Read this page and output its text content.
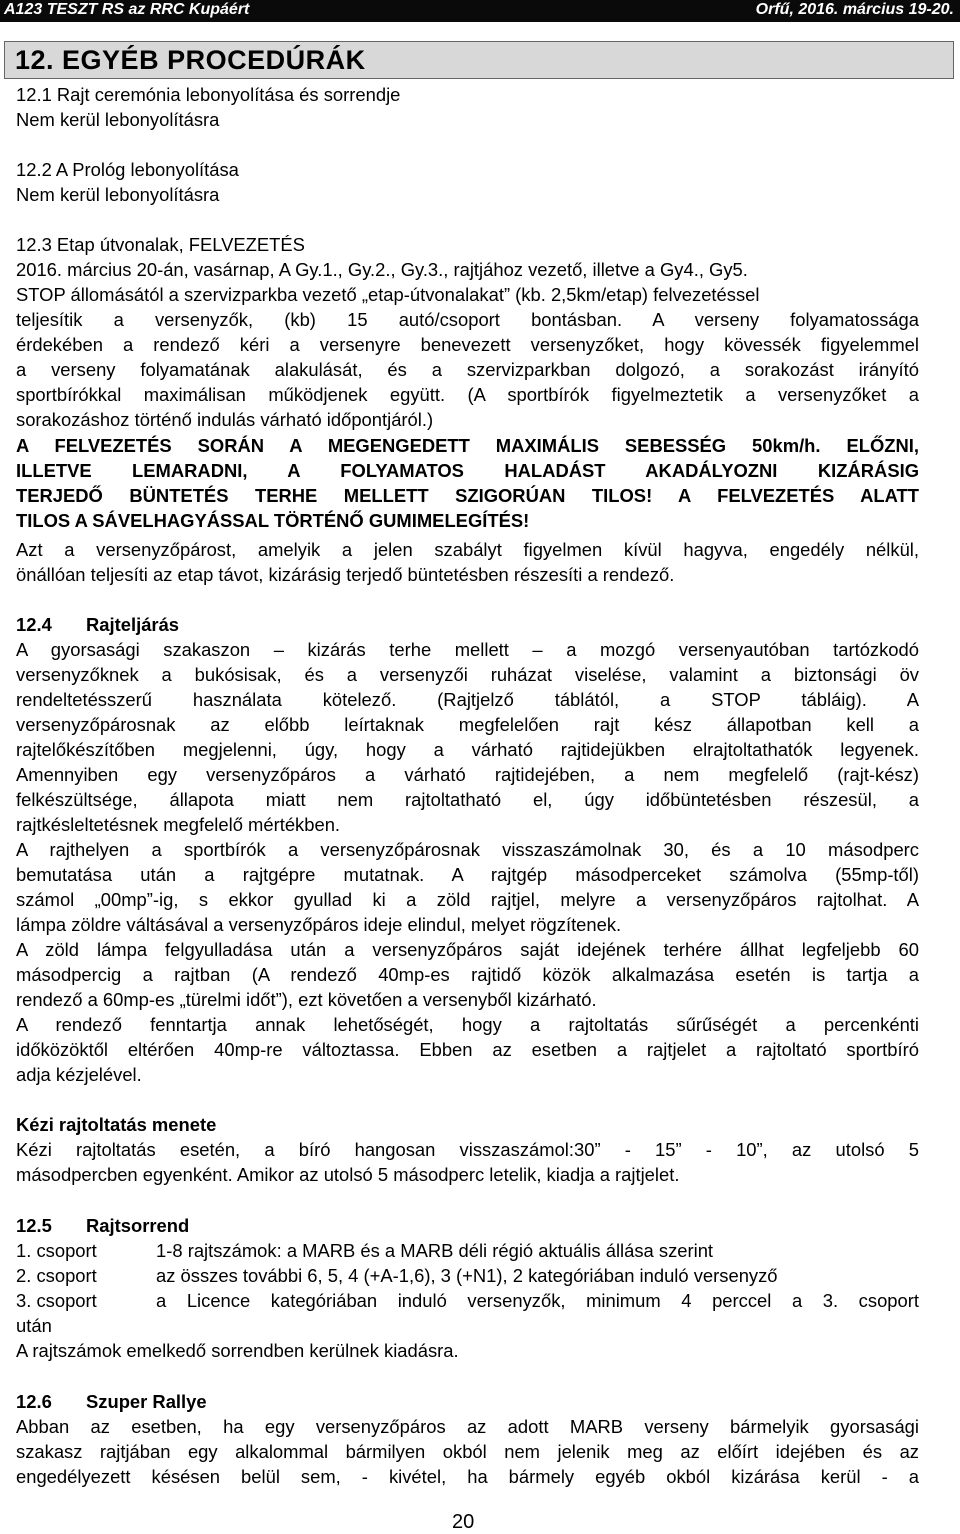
A123 TESZT RS az RRC Kupáért	Orfű, 2016. március 19-20.
12. EGYÉB PROCEDÚRÁK
12.1 Rajt ceremónia lebonyolítása és sorrendje
Nem kerül lebonyolításra
12.2 A Prológ lebonyolítása
Nem kerül lebonyolításra
12.3 Etap útvonalak, FELVEZETÉS
2016. március 20-án, vasárnap, A Gy.1., Gy.2., Gy.3., rajtjához vezető, illetve a Gy4., Gy5.
STOP állomásától a szervizparkba vezető „etap-útvonalakat” (kb. 2,5km/etap) felvezetéssel
teljesítik a versenyzők, (kb) 15 autó/csoport bontásban. A verseny folyamatossága
érdekében a rendező kéri a versenyre benevezett versenyzőket, hogy kövessék figyelemmel
a verseny folyamatának alakulását, és a szervizparkban dolgozó, a sorakozást irányító
sportbírókkal maximálisan működjenek együtt. (A sportbírók figyelmeztetik a versenyzőket a
sorakozáshoz történő indulás várható időpontjáról.)
A FELVEZETÉS SORÁN A MEGENGEDETT MAXIMÁLIS SEBESSÉG 50km/h. ELŐZNI,
ILLETVE LEMARADNI, A FOLYAMATOS HALADÁST AKADÁLYOZNI KIZÁRÁSIG
TERJEDŐ BÜNTETÉS TERHE MELLETT SZIGORÚAN TILOS! A FELVEZETÉS ALATT
TILOS A SÁVELHAGYÁSSAL TÖRTÉNŐ GUMIMELEGÍTÉS!
Azt a versenyzőpárost, amelyik a jelen szabályt figyelmen kívül hagyva, engedély nélkül,
önállóan teljesíti az etap távot, kizárásig terjedő büntetésben részesíti a rendező.
12.4 Rajteljárás
A gyorsasági szakaszon – kizárás terhe mellett – a mozgó versenyautóban tartózkodó
versenyzőknek a bukósisak, és a versenyzői ruházat viselése, valamint a biztonsági öv
rendeltetésszerű használata kötelező. (Rajtjelző táblától, a STOP tábláig). A
versenyzőpárosnak az előbb leírtaknak megfelelően rajt kész állapotban kell a
rajtelőkészítőben megjelenni, úgy, hogy a várható rajtidejükben elrajtoltathatók legyenek.
Amennyiben egy versenyzőpáros a várható rajtidejében, a nem megfelelő (rajt-kész)
felkészültsége, állapota miatt nem rajtoltatható el, úgy időbüntetésben részesül, a
rajtkésleltetésnek megfelelő mértékben.
A rajthelyen a sportbírók a versenyzőpárosnak visszaszámolnak 30, és a 10 másodperc
bemutatása után a rajtgépre mutatnak. A rajtgép másodperceket számolva (55mp-től)
számol „00mp”-ig, s ekkor gyullad ki a zöld rajtjel, melyre a versenyzőpáros rajtolhat. A
lámpa zöldre váltásával a versenyzőpáros ideje elindul, melyet rögzítenek.
A zöld lámpa felgyulladása után a versenyzőpáros saját idejének terhére állhat legfeljebb 60
másodpercig a rajtban (A rendező 40mp-es rajtidő közök alkalmazása esetén is tartja a
rendező a 60mp-es „türelmi időt”), ezt követően a versenyből kizárható.
A rendező fenntartja annak lehetőségét, hogy a rajtoltatás sűrűségét a percenkénti
időközöktől eltérően 40mp-re változtassa. Ebben az esetben a rajtjelet a rajtoltató sportbíró
adja kézjelével.
Kézi rajtoltatás menete
Kézi rajtoltatás esetén, a bíró hangosan visszaszámol:30” - 15” - 10”, az utolsó 5
másodpercben egyenként. Amikor az utolsó 5 másodperc letelik, kiadja a rajtjelet.
12.5 Rajtsorrend
1. csoport	1-8 rajtszámok: a MARB és a MARB déli régió aktuális állása szerint
2. csoport	az összes további 6, 5, 4 (+A-1,6), 3 (+N1), 2 kategóriában induló versenyző
3. csoport	a Licence kategóriában induló versenyzők, minimum 4 perccel a 3. csoport
után
A rajtszámok emelkedő sorrendben kerülnek kiadásra.
12.6 Szuper Rallye
Abban az esetben, ha egy versenyzőpáros az adott MARB verseny bármelyik gyorsasági
szakasz rajtjában egy alkalommal bármilyen okból nem jelenik meg az előírt idejében és az
engedélyezett késésen belül sem, - kivétel, ha bármely egyéb okból kizárása kerül - a
20
